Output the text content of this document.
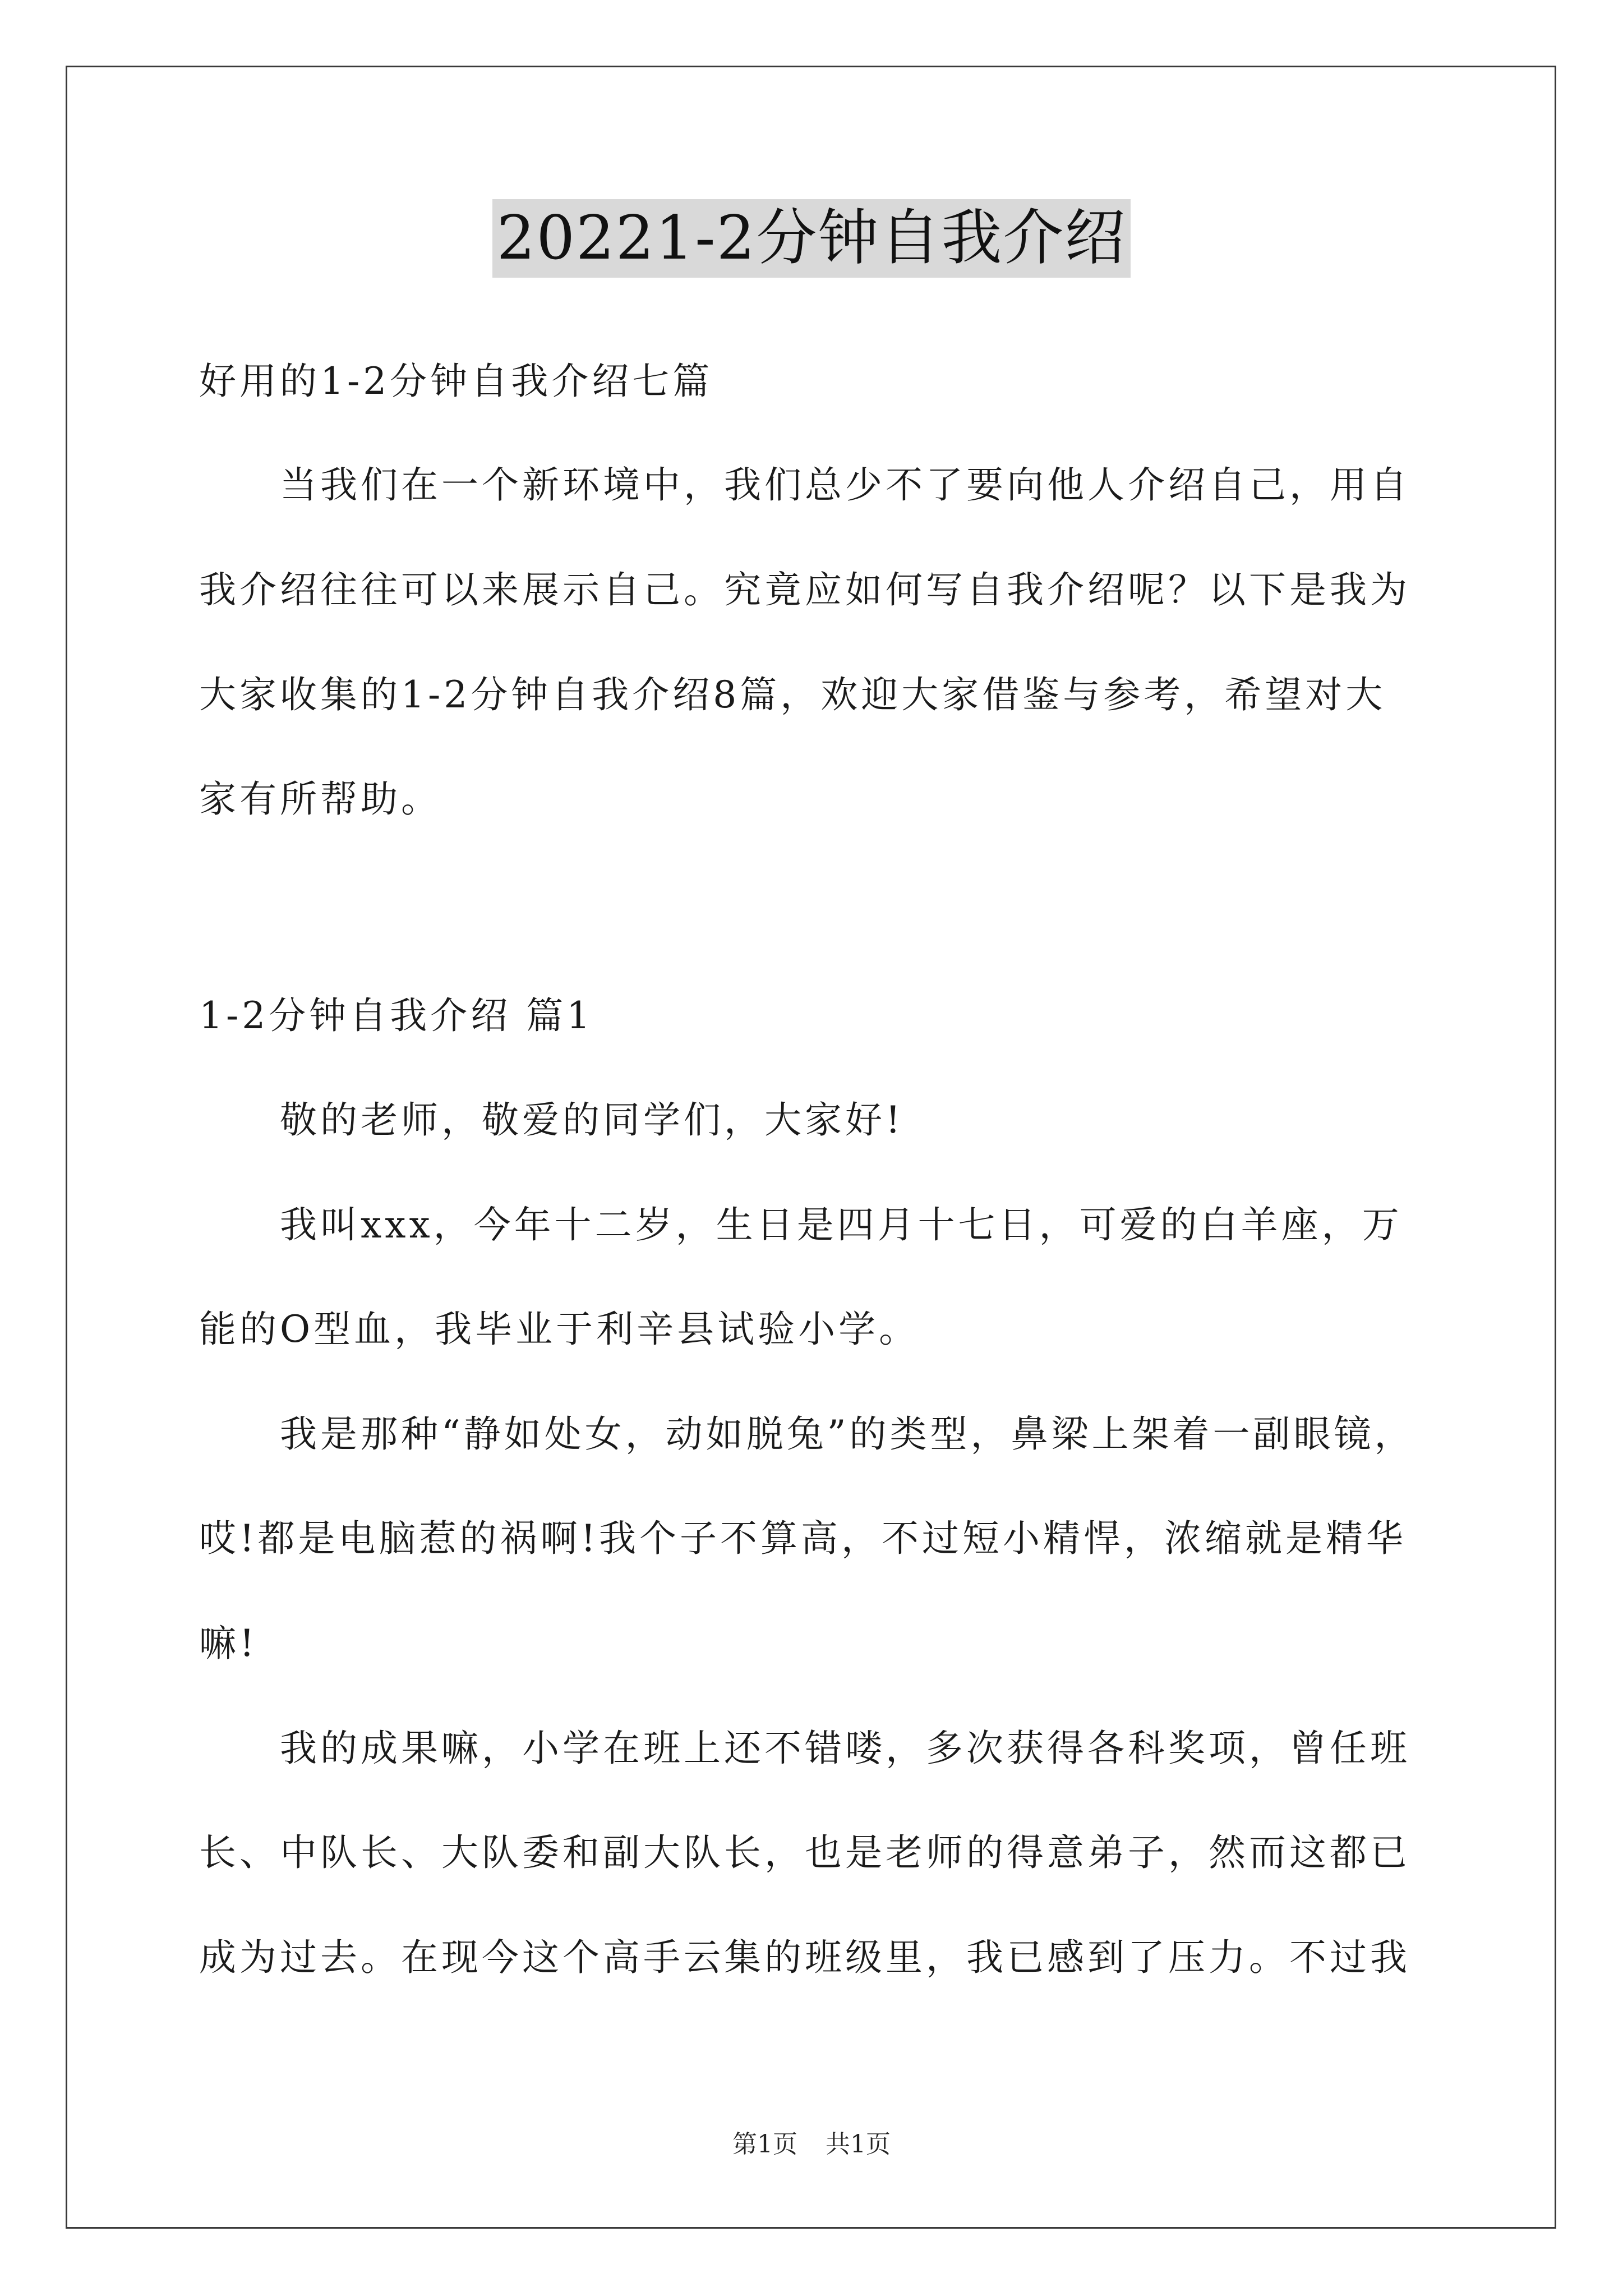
20221-2分钟自我介绍
好用的1-2分钟自我介绍七篇
　　当我们在一个新环境中，我们总少不了要向他人介绍自己，用自
我介绍往往可以来展示自己。究竟应如何写自我介绍呢？以下是我为
大家收集的1-2分钟自我介绍8篇，欢迎大家借鉴与参考，希望对大
家有所帮助。
1-2分钟自我介绍 篇1
　　敬的老师，敬爱的同学们，大家好!
　　我叫xxx，今年十二岁，生日是四月十七日，可爱的白羊座，万
能的O型血，我毕业于利辛县试验小学。
　　我是那种“静如处女，动如脱兔”的类型，鼻梁上架着一副眼镜，
哎!都是电脑惹的祸啊!我个子不算高，不过短小精悍，浓缩就是精华
嘛!
　　我的成果嘛，小学在班上还不错喽，多次获得各科奖项，曾任班
长、中队长、大队委和副大队长，也是老师的得意弟子，然而这都已
成为过去。在现今这个高手云集的班级里，我已感到了压力。不过我
第1页 共1页
